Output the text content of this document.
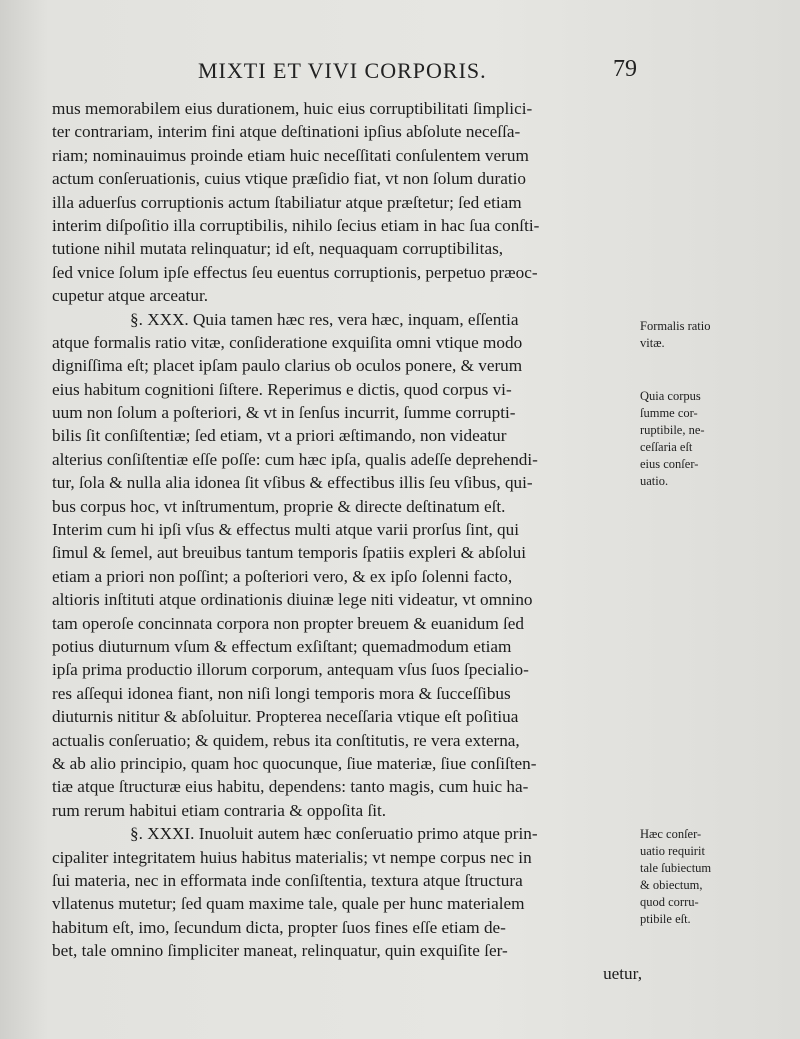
MIXTI ET VIVI CORPORIS.	79
mus memorabilem eius durationem, huic eius corruptibilitati ſimplici-
ter contrariam, interim fini atque deſtinationi ipſius abſolute neceſſa-
riam; nominauimus proinde etiam huic neceſſitati conſulentem verum
actum conſeruationis, cuius vtique præſidio fiat, vt non ſolum duratio
illa aduerſus corruptionis actum ſtabiliatur atque præſtetur; ſed etiam
interim diſpoſitio illa corruptibilis, nihilo ſecius etiam in hac ſua conſti-
tutione nihil mutata relinquatur; id eſt, nequaquam corruptibilitas,
ſed vnice ſolum ipſe effectus ſeu euentus corruptionis, perpetuo præoc-
cupetur atque arceatur.
§. XXX. Quia tamen hæc res, vera hæc, inquam, eſſentia
atque formalis ratio vitæ, conſideratione exquiſita omni vtique modo
digniſſima eſt; placet ipſam paulo clarius ob oculos ponere, & verum
eius habitum cognitioni ſiſtere. Reperimus e dictis, quod corpus vi-
uum non ſolum a poſteriori, & vt in ſenſus incurrit, ſumme corrupti-
bilis ſit conſiſtentiæ; ſed etiam, vt a priori æſtimando, non videatur
alterius conſiſtentiæ eſſe poſſe: cum hæc ipſa, qualis adeſſe deprehendi-
tur, ſola & nulla alia idonea ſit vſibus & effectibus illis ſeu vſibus, qui-
bus corpus hoc, vt inſtrumentum, proprie & directe deſtinatum eſt.
Interim cum hi ipſi vſus & effectus multi atque varii prorſus ſint, qui
ſimul & ſemel, aut breuibus tantum temporis ſpatiis expleri & abſolui
etiam a priori non poſſint; a poſteriori vero, & ex ipſo ſolenni facto,
altioris inſtituti atque ordinationis diuinæ lege niti videatur, vt omnino
tam operoſe concinnata corpora non propter breuem & euanidum ſed
potius diuturnum vſum & effectum exſiſtant; quemadmodum etiam
ipſa prima productio illorum corporum, antequam vſus ſuos ſpecialio-
res aſſequi idonea fiant, non niſi longi temporis mora & ſucceſſibus
diuturnis nititur & abſoluitur. Propterea neceſſaria vtique eſt poſitiua
actualis conſeruatio; & quidem, rebus ita conſtitutis, re vera externa,
& ab alio principio, quam hoc quocunque, ſiue materiæ, ſiue conſiſten-
tiæ atque ſtructuræ eius habitu, dependens: tanto magis, cum huic ha-
rum rerum habitui etiam contraria & oppoſita ſit.
§. XXXI. Inuoluit autem hæc conſeruatio primo atque prin-
cipaliter integritatem huius habitus materialis; vt nempe corpus nec in
ſui materia, nec in efformata inde conſiſtentia, textura atque ſtructura
vllatenus mutetur; ſed quam maxime tale, quale per hunc materialem
habitum eſt, imo, ſecundum dicta, propter ſuos fines eſſe etiam de-
bet, tale omnino ſimpliciter maneat, relinquatur, quin exquiſite ſer-
uetur,
Formalis ratio
vitæ.
Quia corpus
ſumme cor-
ruptibile, ne-
ceſſaria eſt
eius conſer-
uatio.
Hæc conſer-
uatio requirit
tale ſubiectum
& obiectum,
quod corru-
ptibile eſt.
